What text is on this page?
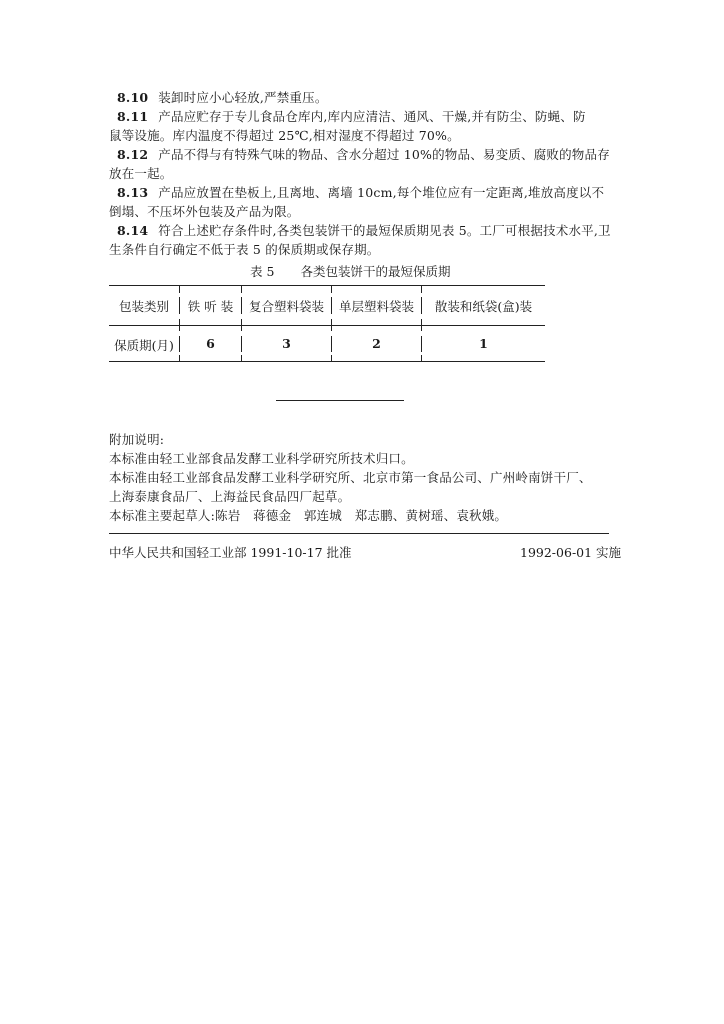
8.10 装卸时应小心轻放,严禁重压。
8.11 产品应贮存于专儿食品仓库内,库内应清洁、通风、干燥,并有防尘、防蝇、防
鼠等设施。库内温度不得超过 25℃,相对湿度不得超过 70%。
8.12 产品不得与有特殊气味的物品、含水分超过 10%的物品、易变质、腐败的物品存
放在一起。
8.13 产品应放置在垫板上,且离地、离墙 10cm,每个堆位应有一定距离,堆放高度以不
倒塌、不压坏外包装及产品为限。
8.14 符合上述贮存条件时,各类包装饼干的最短保质期见表 5。工厂可根据技术水平,卫
生条件自行确定不低于表 5 的保质期或保存期。
表 5 各类包装饼干的最短保质期
包装类别	铁 听 装	复合塑料袋装	单层塑料袋装	散装和纸袋(盒)装
保质期(月)	6	3	2	1
附加说明:
本标准由轻工业部食品发酵工业科学研究所技术归口。
本标准由轻工业部食品发酵工业科学研究所、北京市第一食品公司、广州岭南饼干厂、
上海泰康食品厂、上海益民食品四厂起草。
本标准主要起草人:陈岩　蒋德金　郭连城　郑志鹏、黄树瑶、袁秋娥。
中华人民共和国轻工业部 1991-10-17 批准	1992-06-01 实施
